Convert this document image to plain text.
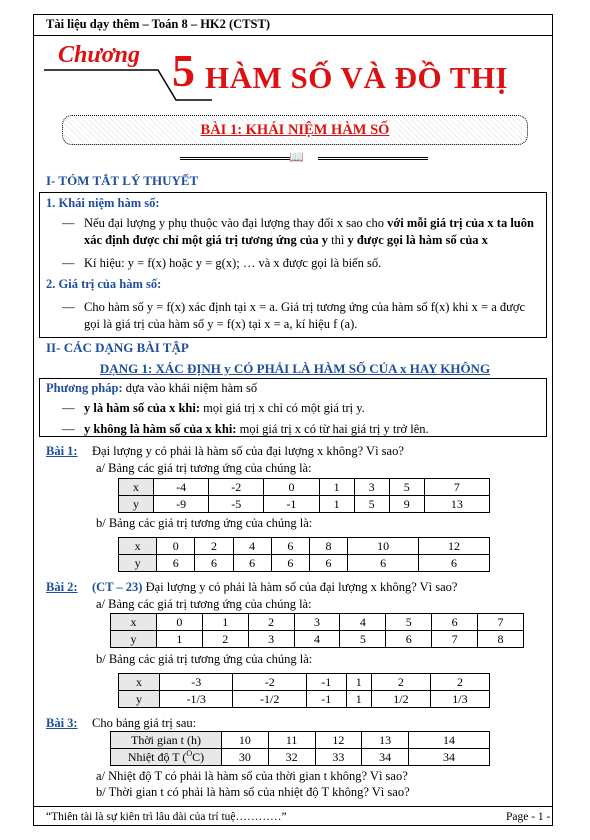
Tài liệu dạy thêm – Toán 8 – HK2 (CTST)
Chương 5 HÀM SỐ VÀ ĐỒ THỊ
BÀI 1: KHÁI NIỆM HÀM SỐ
📖
I- TÓM TẮT LÝ THUYẾT
1. Khái niệm hàm số:
— Nếu đại lượng y phụ thuộc vào đại lượng thay đổi x sao cho với mỗi giá trị của x ta luôn
xác định được chỉ một giá trị tương ứng của y thì y được gọi là hàm số của x
— Kí hiệu: y = f(x) hoặc y = g(x); … và x được gọi là biến số.
2. Giá trị của hàm số:
— Cho hàm số y = f(x) xác định tại x = a. Giá trị tương ứng của hàm số f(x) khi x = a được
gọi là giá trị của hàm số y = f(x) tại x = a, kí hiệu f (a).
II- CÁC DẠNG BÀI TẬP
DẠNG 1: XÁC ĐỊNH y CÓ PHẢI LÀ HÀM SỐ CỦA x HAY KHÔNG
Phương pháp: dựa vào khái niệm hàm số
— y là hàm số của x khi: mọi giá trị x chỉ có một giá trị y.
— y không là hàm số của x khi: mọi giá trị x có từ hai giá trị y trở lên.
Bài 1: Đại lượng y có phải là hàm số của đại lượng x không? Vì sao?
a/ Bảng các giá trị tương ứng của chúng là:
x	-4	-2	0	1	3	5	7
y	-9	-5	-1	1	5	9	13
b/ Bảng các giá trị tương ứng của chúng là:
x	0	2	4	6	8	10	12
y	6	6	6	6	6	6	6
Bài 2: (CT – 23) Đại lượng y có phải là hàm số của đại lượng x không? Vì sao?
a/ Bảng các giá trị tương ứng của chúng là:
x	0	1	2	3	4	5	6	7
y	1	2	3	4	5	6	7	8
b/ Bảng các giá trị tương ứng của chúng là:
x	-3	-2	-1	1	2	2
y	-1/3	-1/2	-1	1	1/2	1/3
Bài 3: Cho bảng giá trị sau:
Thời gian t (h)	10	11	12	13	14
Nhiệt độ T ($^O$C)	30	32	33	34	34
a/ Nhiệt độ T có phải là hàm số của thời gian t không? Vì sao?
b/ Thời gian t có phải là hàm số của nhiệt độ T không? Vì sao?
“Thiên tài là sự kiên trì lâu dài của trí tuệ…………”	Page - 1 -
